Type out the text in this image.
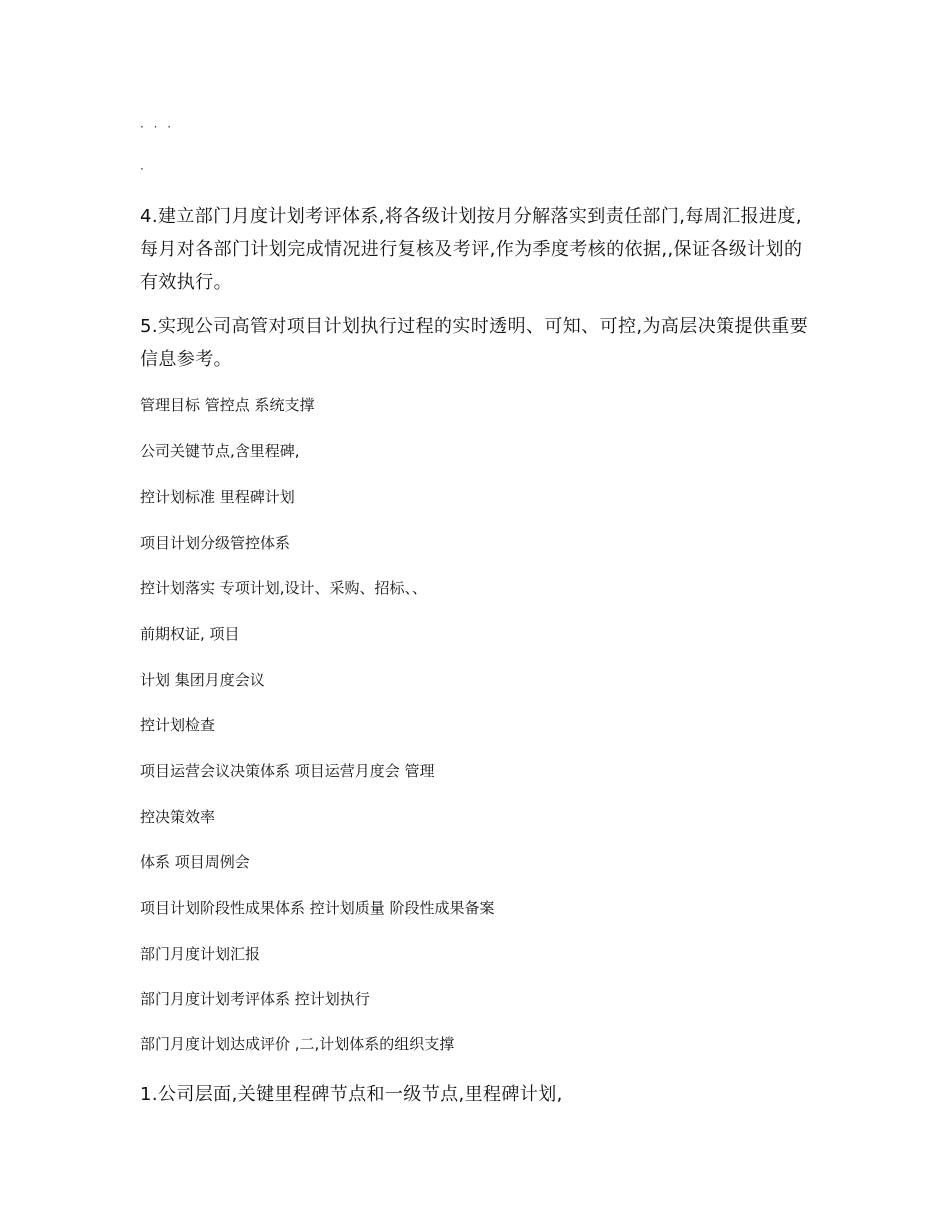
· · ·
·
4.建立部门月度计划考评体系,将各级计划按月分解落实到责任部门,每周汇报进度,每月对各部门计划完成情况进行复核及考评,作为季度考核的依据,,保证各级计划的有效执行。
5.实现公司高管对项目计划执行过程的实时透明、可知、可控,为高层决策提供重要信息参考。
管理目标 管控点 系统支撑
公司关键节点,含里程碑,
控计划标准 里程碑计划
项目计划分级管控体系
控计划落实 专项计划,设计、采购、招标、、
前期权证, 项目
计划 集团月度会议
控计划检查
项目运营会议决策体系 项目运营月度会 管理
控决策效率
体系 项目周例会
项目计划阶段性成果体系 控计划质量 阶段性成果备案
部门月度计划汇报
部门月度计划考评体系 控计划执行
部门月度计划达成评价 ,二,计划体系的组织支撑
1.公司层面,关键里程碑节点和一级节点,里程碑计划,
